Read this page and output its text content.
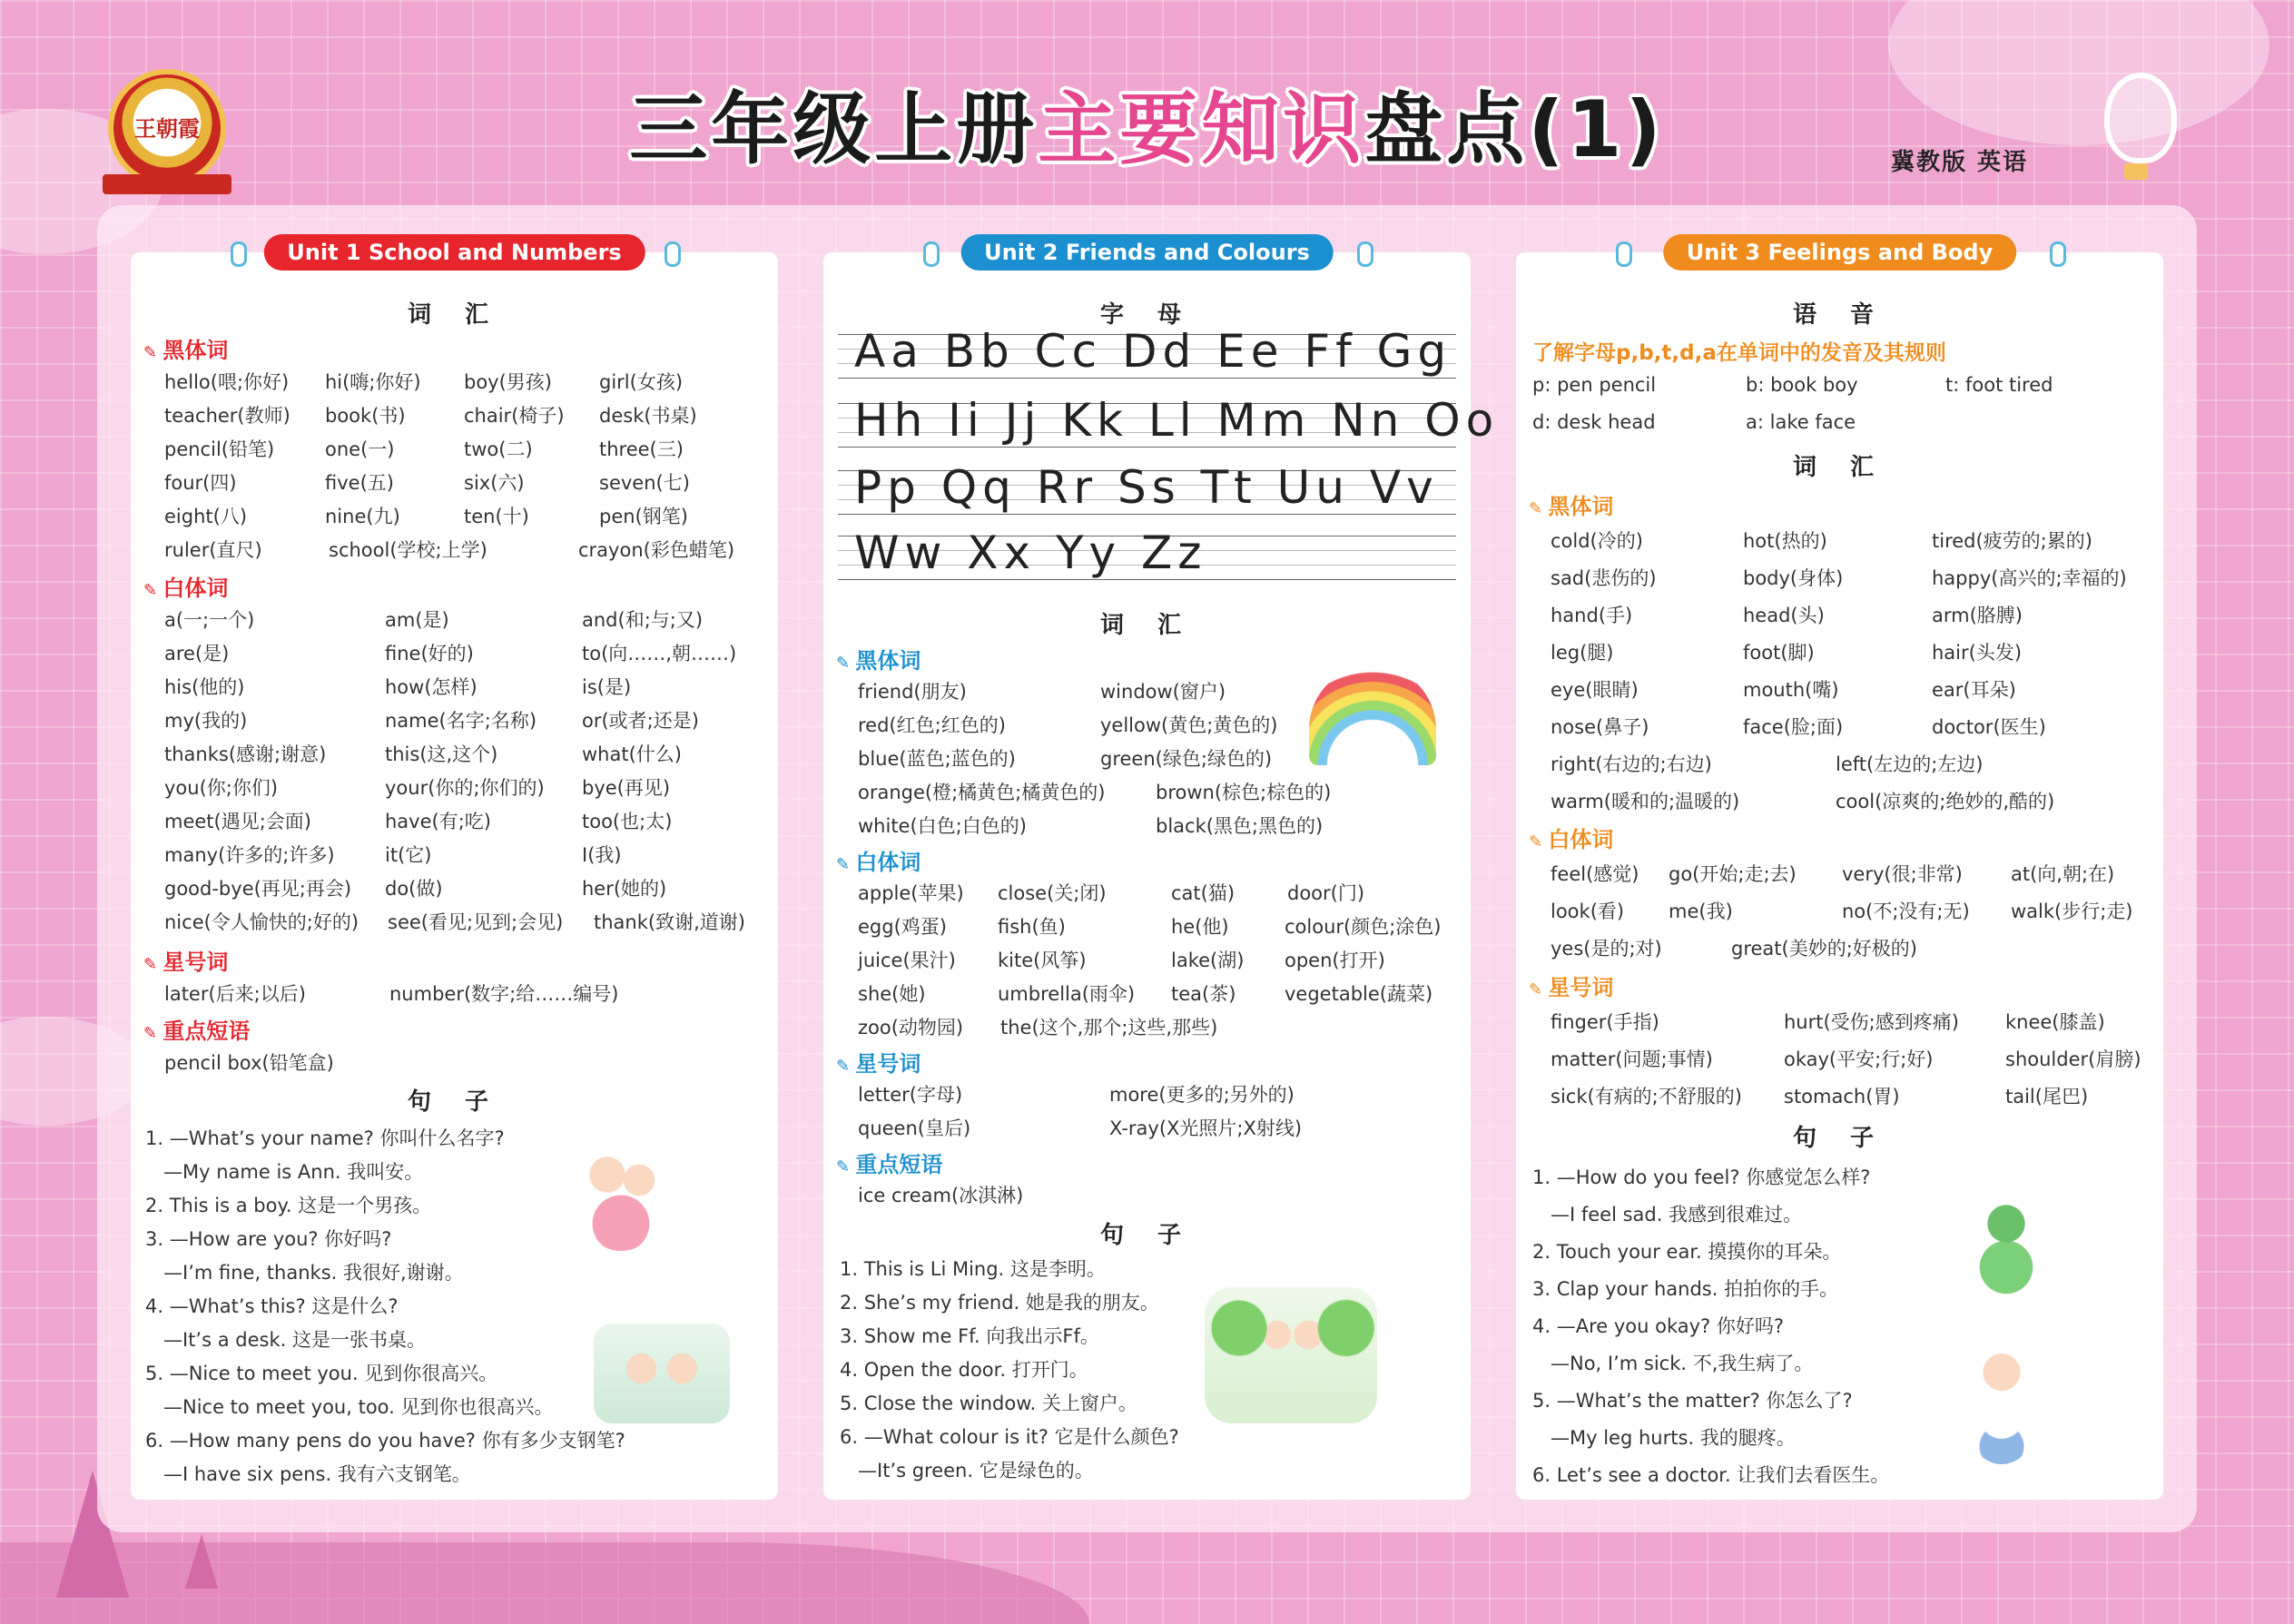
王朝霞	三年级上册主要知识盘点(1)	冀教版 英语
Unit 1 School and Numbers
词 汇
✎ 黑体词
hello(喂;你好) hi(嗨;你好) boy(男孩) girl(女孩)
teacher(教师) book(书)	chair(椅子) desk(书桌)
pencil(铅笔)	one(一)	two(二)	three(三)
four(四)	five(五)	six(六)	seven(七)
eight(八)	nine(九)	ten(十)	pen(钢笔)
ruler(直尺)	school(学校;上学)	crayon(彩色蜡笔)
✎ 白体词
a(一;一个)	am(是)	and(和;与;又)
are(是)	fine(好的)	to(向……,朝……)
his(他的)	how(怎样)	is(是)
my(我的)	name(名字;名称) or(或者;还是)
thanks(感谢;谢意)	this(这,这个)	what(什么)
you(你;你们)	your(你的;你们的) bye(再见)
meet(遇见;会面)	have(有;吃)	too(也;太)
many(许多的;许多)	it(它)	I(我)
good-bye(再见;再会) do(做)	her(她的)
nice(令人愉快的;好的) see(看见;见到;会见) thank(致谢,道谢)
✎ 星号词
later(后来;以后)	number(数字;给……编号)
✎ 重点短语
pencil box(铅笔盒)
句 子
1. —What’s your name? 你叫什么名字?
—My name is Ann. 我叫安。
2. This is a boy. 这是一个男孩。
3. —How are you? 你好吗?
—I’m fine, thanks. 我很好,谢谢。
4. —What’s this? 这是什么?
—It’s a desk. 这是一张书桌。
5. —Nice to meet you. 见到你很高兴。
—Nice to meet you, too. 见到你也很高兴。
6. —How many pens do you have? 你有多少支钢笔?
—I have six pens. 我有六支钢笔。
Unit 2 Friends and Colours
字 母
Aa Bb Cc Dd Ee Ff Gg
Hh Ii Jj Kk Ll Mm Nn Oo
Pp Qq Rr Ss Tt Uu Vv
Ww Xx Yy Zz
词 汇
✎ 黑体词
friend(朋友)	window(窗户)
red(红色;红色的)	yellow(黄色;黄色的)
blue(蓝色;蓝色的)	green(绿色;绿色的)
orange(橙;橘黄色;橘黄色的)	brown(棕色;棕色的)
white(白色;白色的)	black(黑色;黑色的)
✎ 白体词
apple(苹果) close(关;闭)	cat(猫)	door(门)
egg(鸡蛋)	fish(鱼)	he(他)	colour(颜色;涂色)
juice(果汁) kite(风筝)	lake(湖) open(打开)
she(她)	umbrella(雨伞) tea(茶)	vegetable(蔬菜)
zoo(动物园) the(这个,那个;这些,那些)
✎ 星号词
letter(字母)	more(更多的;另外的)
queen(皇后)	X-ray(X光照片;X射线)
✎ 重点短语
ice cream(冰淇淋)
句 子
1. This is Li Ming. 这是李明。
2. She’s my friend. 她是我的朋友。
3. Show me Ff. 向我出示Ff。
4. Open the door. 打开门。
5. Close the window. 关上窗户。
6. —What colour is it? 它是什么颜色?
—It’s green. 它是绿色的。
Unit 3 Feelings and Body
语 音
了解字母p,b,t,d,a在单词中的发音及其规则
p: pen pencil	b: book boy	t: foot tired
d: desk head	a: lake face
词 汇
✎ 黑体词
cold(冷的)	hot(热的)	tired(疲劳的;累的)
sad(悲伤的)	body(身体)	happy(高兴的;幸福的)
hand(手)	head(头)	arm(胳膊)
leg(腿)	foot(脚)	hair(头发)
eye(眼睛)	mouth(嘴)	ear(耳朵)
nose(鼻子)	face(脸;面)	doctor(医生)
right(右边的;右边)	left(左边的;左边)
warm(暖和的;温暖的)	cool(凉爽的;绝妙的,酷的)
✎ 白体词
feel(感觉) go(开始;走;去) very(很;非常)	at(向,朝;在)
look(看) me(我)	no(不;没有;无) walk(步行;走)
yes(是的;对)	great(美妙的;好极的)
✎ 星号词
finger(手指)	hurt(受伤;感到疼痛) knee(膝盖)
matter(问题;事情)	okay(平安;行;好)	shoulder(肩膀)
sick(有病的;不舒服的) stomach(胃)	tail(尾巴)
句 子
1. —How do you feel? 你感觉怎么样?
—I feel sad. 我感到很难过。
2. Touch your ear. 摸摸你的耳朵。
3. Clap your hands. 拍拍你的手。
4. —Are you okay? 你好吗?
—No, I’m sick. 不,我生病了。
5. —What’s the matter? 你怎么了?
—My leg hurts. 我的腿疼。
6. Let’s see a doctor. 让我们去看医生。
